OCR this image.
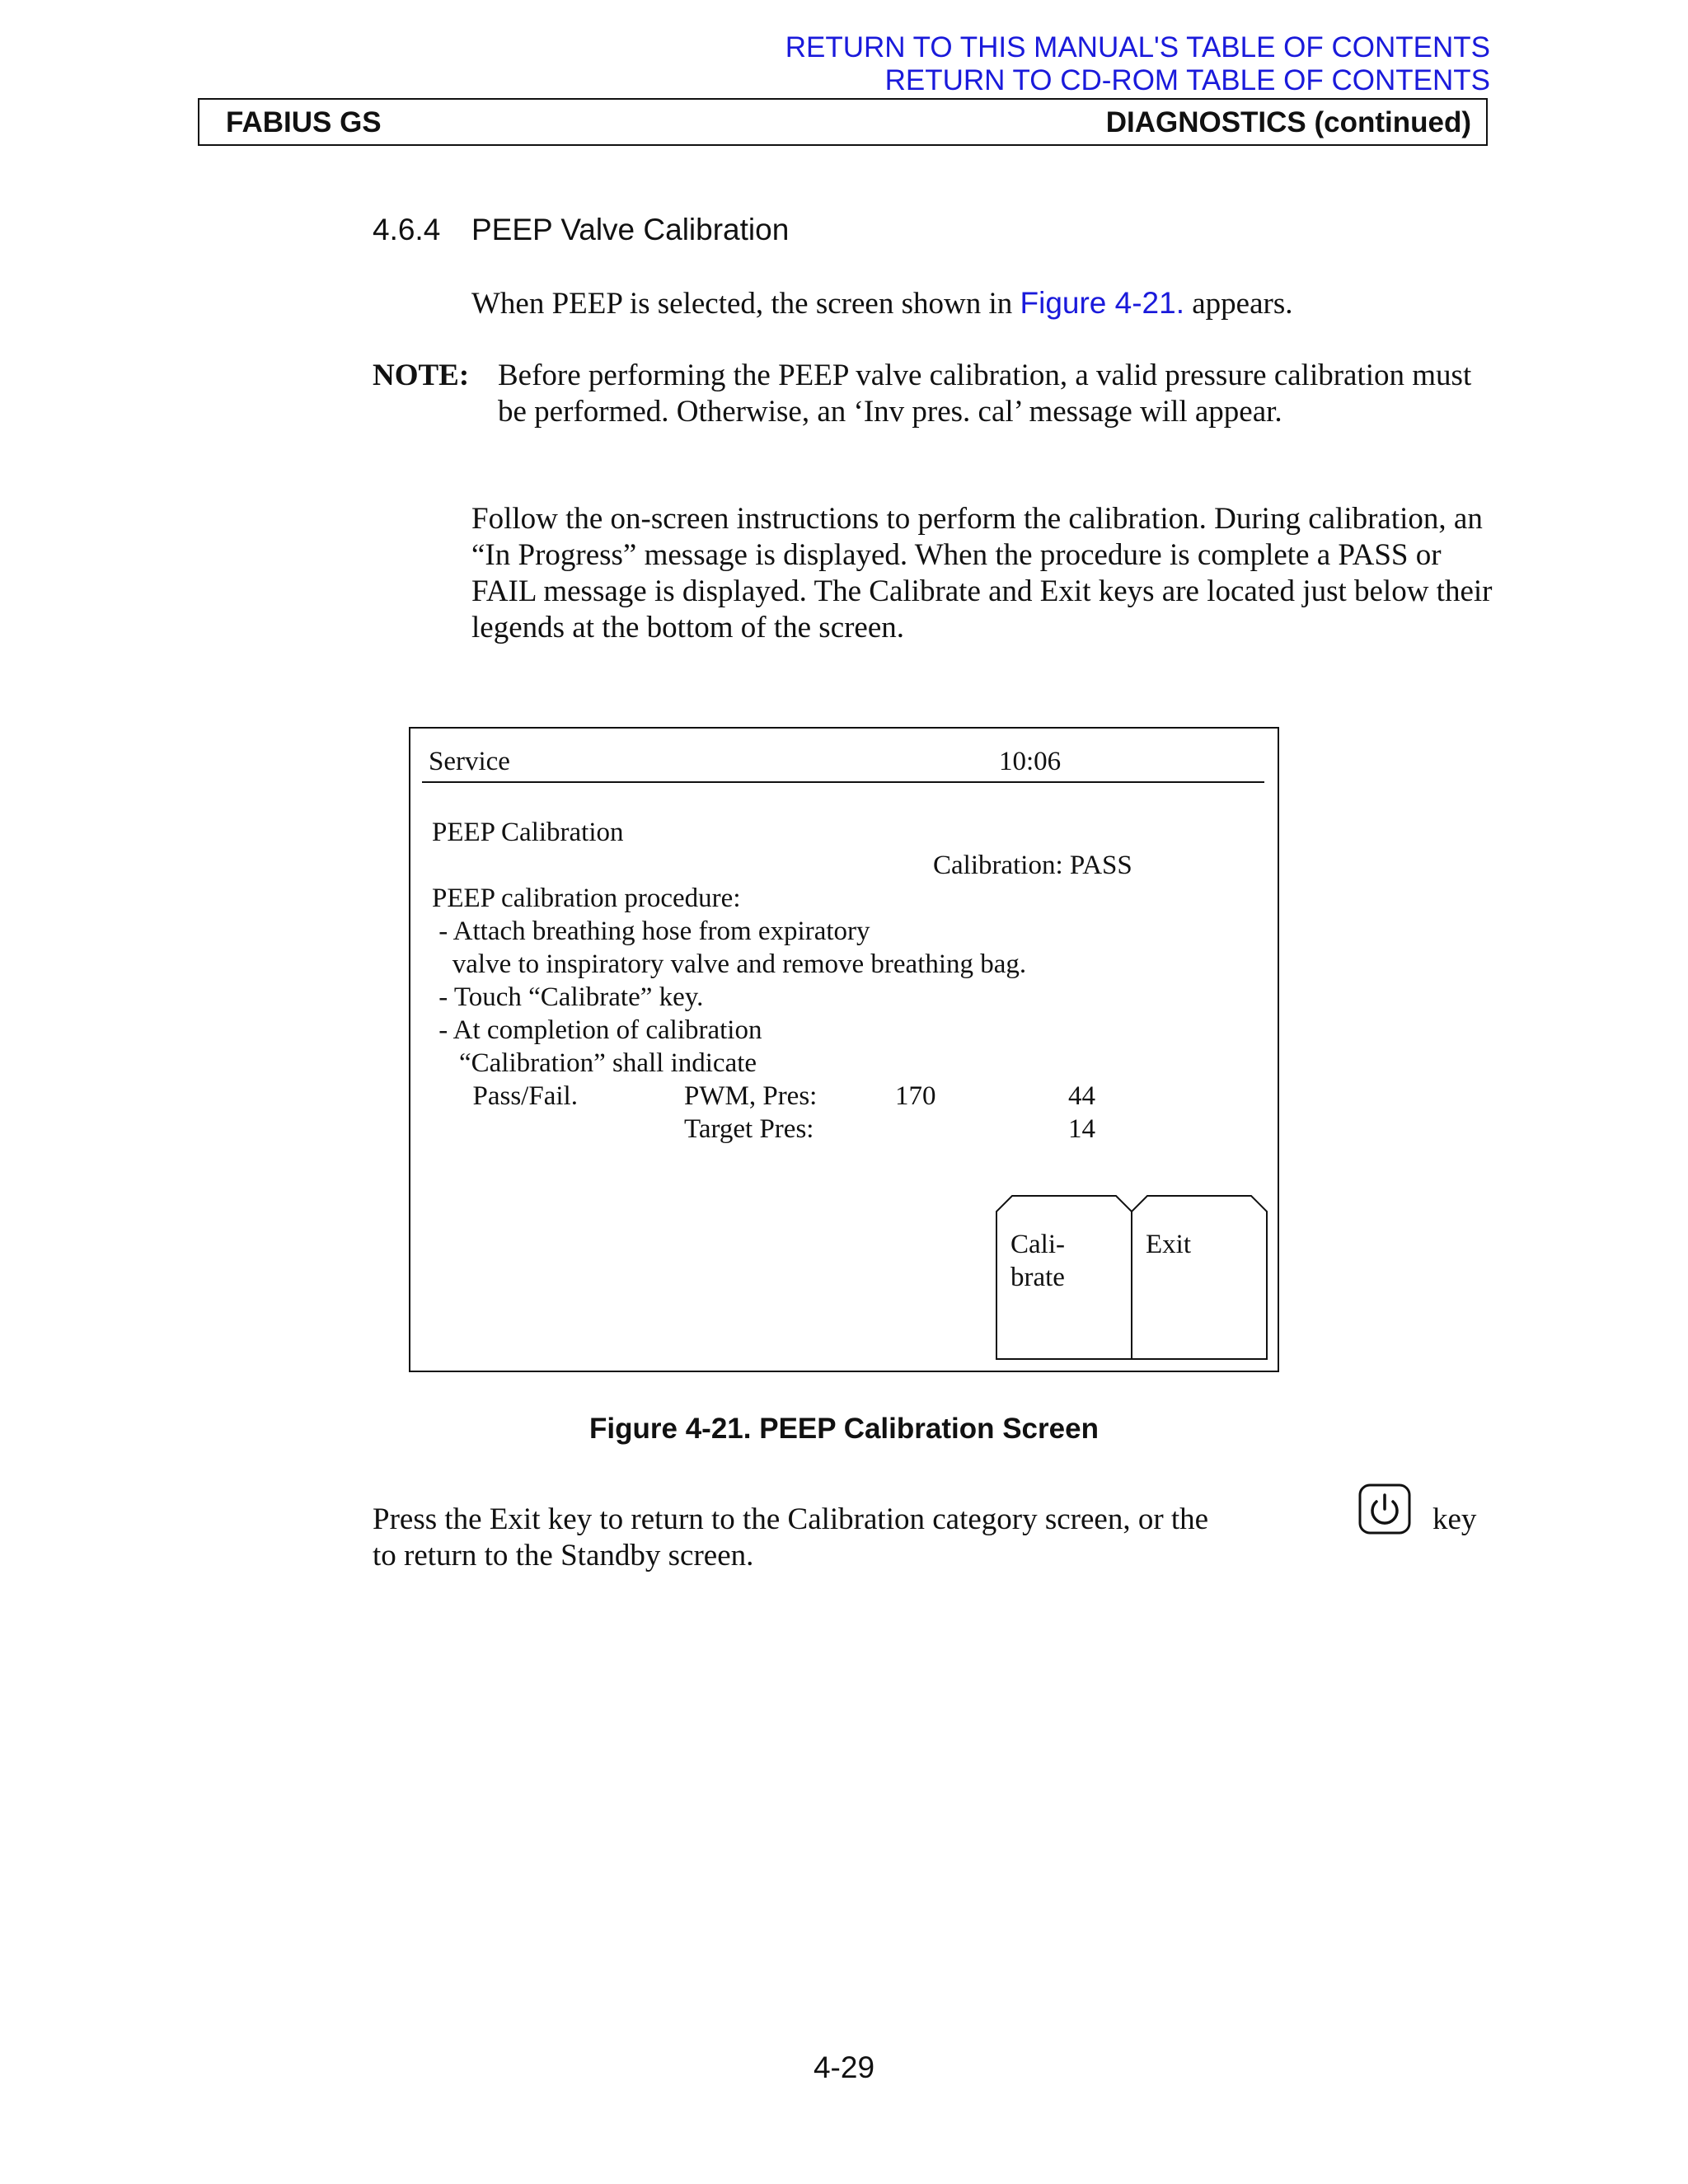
RETURN TO THIS MANUAL'S TABLE OF CONTENTS
RETURN TO CD-ROM TABLE OF CONTENTS
FABIUS GS	DIAGNOSTICS (continued)
4.6.4 PEEP Valve Calibration
When PEEP is selected, the screen shown in Figure 4-21. appears.
NOTE: Before performing the PEEP valve calibration, a valid pressure calibration must be performed. Otherwise, an ‘Inv pres. cal’ message will appear.
Follow the on-screen instructions to perform the calibration. During calibration, an “In Progress” message is displayed. When the procedure is complete a PASS or FAIL message is displayed. The Calibrate and Exit keys are located just below their legends at the bottom of the screen.
Service	10:06
PEEP Calibration
Calibration: PASS
PEEP calibration procedure:
- Attach breathing hose from expiratory
valve to inspiratory valve and remove breathing bag.
- Touch “Calibrate” key.
- At completion of calibration
“Calibration” shall indicate
Pass/Fail.	PWM, Pres:	170	44
Target Pres:	14
Cali-
brate
Exit
Figure 4-21. PEEP Calibration Screen
Press the Exit key to return to the Calibration category screen, or the	key
to return to the Standby screen.
4-29
